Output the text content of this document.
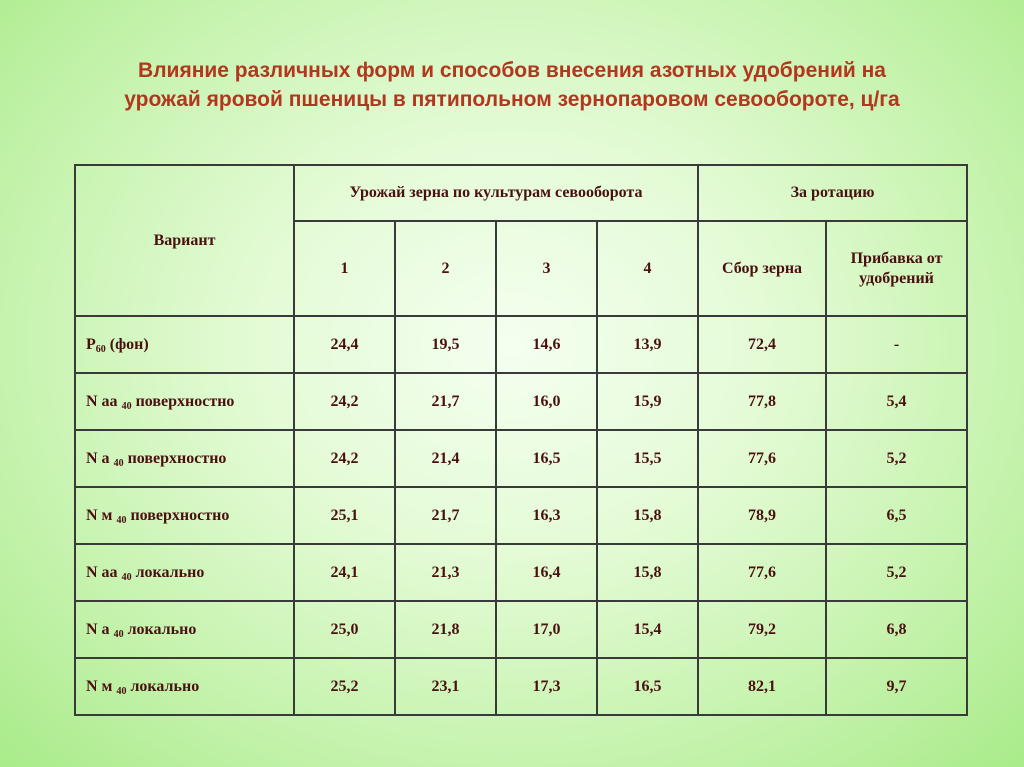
Влияние различных форм и способов внесения азотных удобрений на
урожай яровой пшеницы в пятипольном зернопаровом севообороте, ц/га
Вариант	Урожай зерна по культурам севооборота				За ротацию	
	1	2	3	4	Сбор зерна	Прибавка от
удобрений

$P_{60}$ (фон)	24,4	19,5	14,6	13,9	72,4	-
N аа $_{40}$ поверхностно	24,2	21,7	16,0	15,9	77,8	5,4
N а $_{40}$ поверхностно	24,2	21,4	16,5	15,5	77,6	5,2
N м $_{40}$ поверхностно	25,1	21,7	16,3	15,8	78,9	6,5
N аа $_{40}$ локально	24,1	21,3	16,4	15,8	77,6	5,2
N а $_{40}$ локально	25,0	21,8	17,0	15,4	79,2	6,8
N м $_{40}$ локально	25,2	23,1	17,3	16,5	82,1	9,7
